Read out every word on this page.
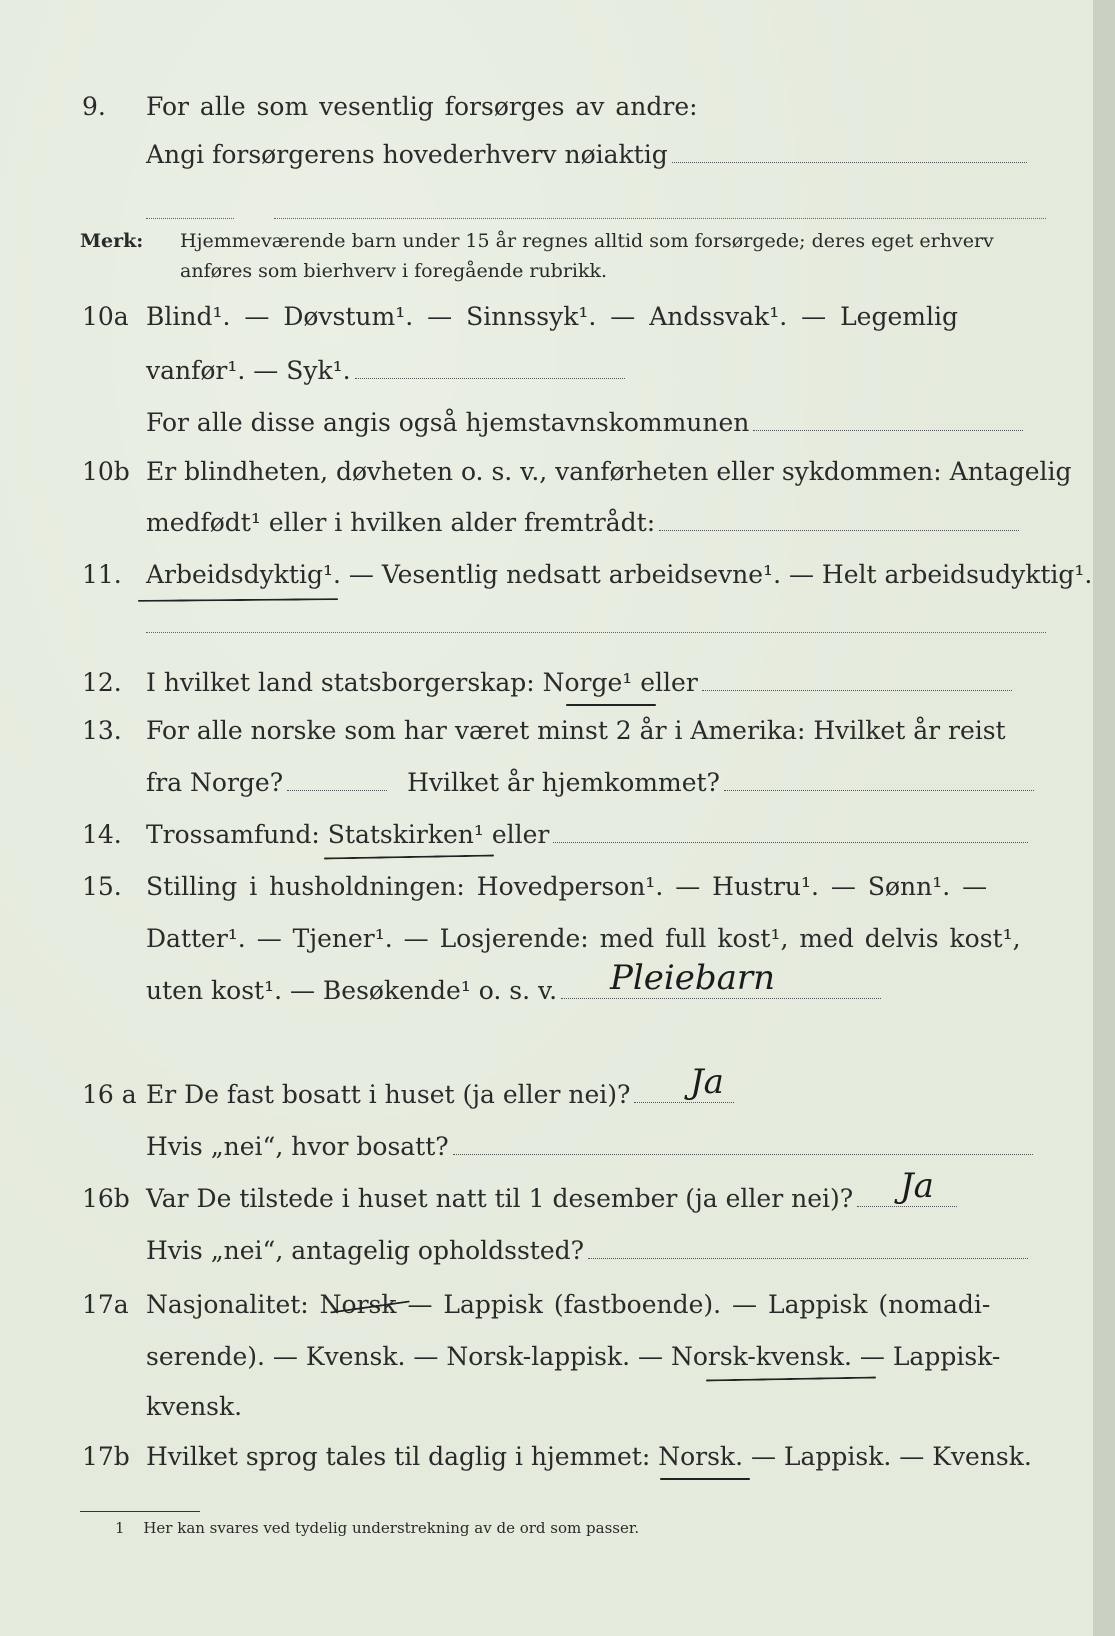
9. For alle som vesentlig forsørges av andre:
Angi forsørgerens hovederhverv nøiaktig
Merk: Hjemmeværende barn under 15 år regnes alltid som forsørgede; deres eget erhverv
anføres som bierhverv i foregående rubrikk.
10a Blind¹. — Døvstum¹. — Sinnssyk¹. — Andssvak¹. — Legemlig
vanfør¹. — Syk¹.
For alle disse angis også hjemstavnskommunen
10b Er blindheten, døvheten o. s. v., vanførheten eller sykdommen: Antagelig
medfødt¹ eller i hvilken alder fremtrådt:
11. Arbeidsdyktig¹. — Vesentlig nedsatt arbeidsevne¹. — Helt arbeidsudyktig¹.
12. I hvilket land statsborgerskap: Norge¹ eller
13. For alle norske som har været minst 2 år i Amerika: Hvilket år reist
fra Norge?	Hvilket år hjemkommet?
14. Trossamfund: Statskirken¹ eller
15. Stilling i husholdningen: Hovedperson¹. — Hustru¹. — Sønn¹. —
Datter¹. — Tjener¹. — Losjerende: med full kost¹, med delvis kost¹,
uten kost¹. — Besøkende¹ o. s. v.	Pleiebarn
16 a Er De fast bosatt i huset (ja eller nei)?	Ja
Hvis „nei“, hvor bosatt?
16b Var De tilstede i huset natt til 1 desember (ja eller nei)?	Ja
Hvis „nei“, antagelig opholdssted?
17a Nasjonalitet: Norsk — Lappisk (fastboende). — Lappisk (nomadi-
serende). — Kvensk. — Norsk-lappisk. — Norsk-kvensk. — Lappisk-
kvensk.
17b Hvilket sprog tales til daglig i hjemmet: Norsk. — Lappisk. — Kvensk.
1 Her kan svares ved tydelig understrekning av de ord som passer.
